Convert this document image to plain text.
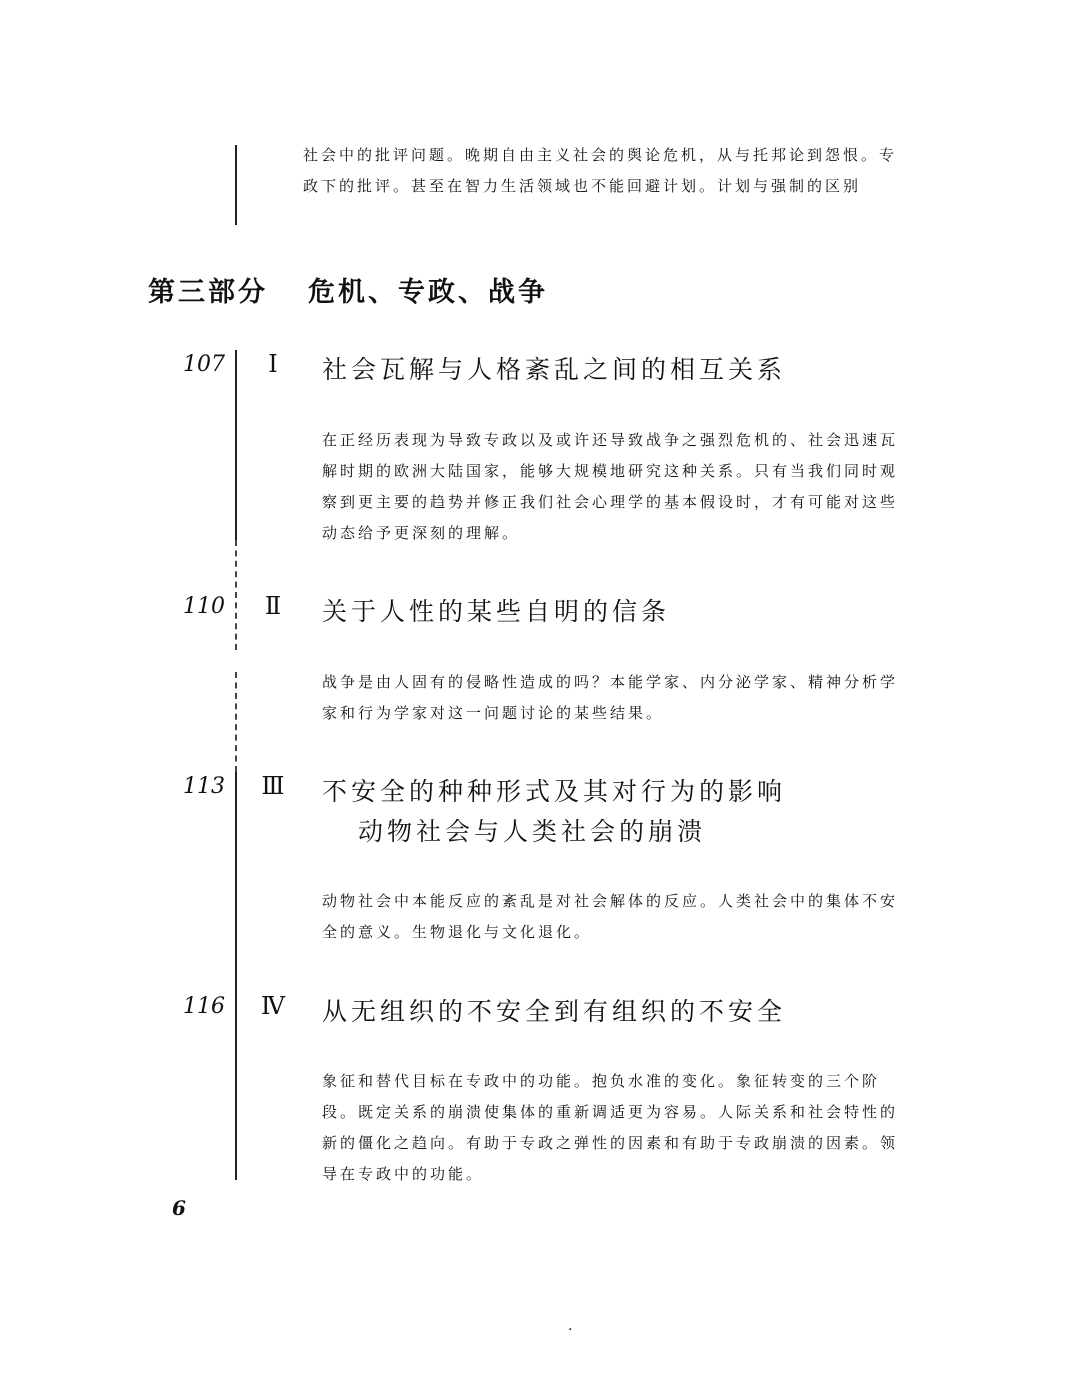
社会中的批评问题。晚期自由主义社会的舆论危机，从与托邦论到怨恨。专政下的批评。甚至在智力生活领域也不能回避计划。计划与强制的区别
第三部分 危机、专政、战争
107	Ⅰ	社会瓦解与人格紊乱之间的相互关系
在正经历表现为导致专政以及或许还导致战争之强烈危机的、社会迅速瓦解时期的欧洲大陆国家，能够大规模地研究这种关系。只有当我们同时观察到更主要的趋势并修正我们社会心理学的基本假设时，才有可能对这些动态给予更深刻的理解。
110 Ⅱ 关于人性的某些自明的信条
战争是由人固有的侵略性造成的吗？本能学家、内分泌学家、精神分析学家和行为学家对这一问题讨论的某些结果。
113 Ⅲ 不安全的种种形式及其对行为的影响
动物社会与人类社会的崩溃
动物社会中本能反应的紊乱是对社会解体的反应。人类社会中的集体不安全的意义。生物退化与文化退化。
116 Ⅳ 从无组织的不安全到有组织的不安全
象征和替代目标在专政中的功能。抱负水准的变化。象征转变的三个阶段。既定关系的崩溃使集体的重新调适更为容易。人际关系和社会特性的新的僵化之趋向。有助于专政之弹性的因素和有助于专政崩溃的因素。领导在专政中的功能。
6
.
